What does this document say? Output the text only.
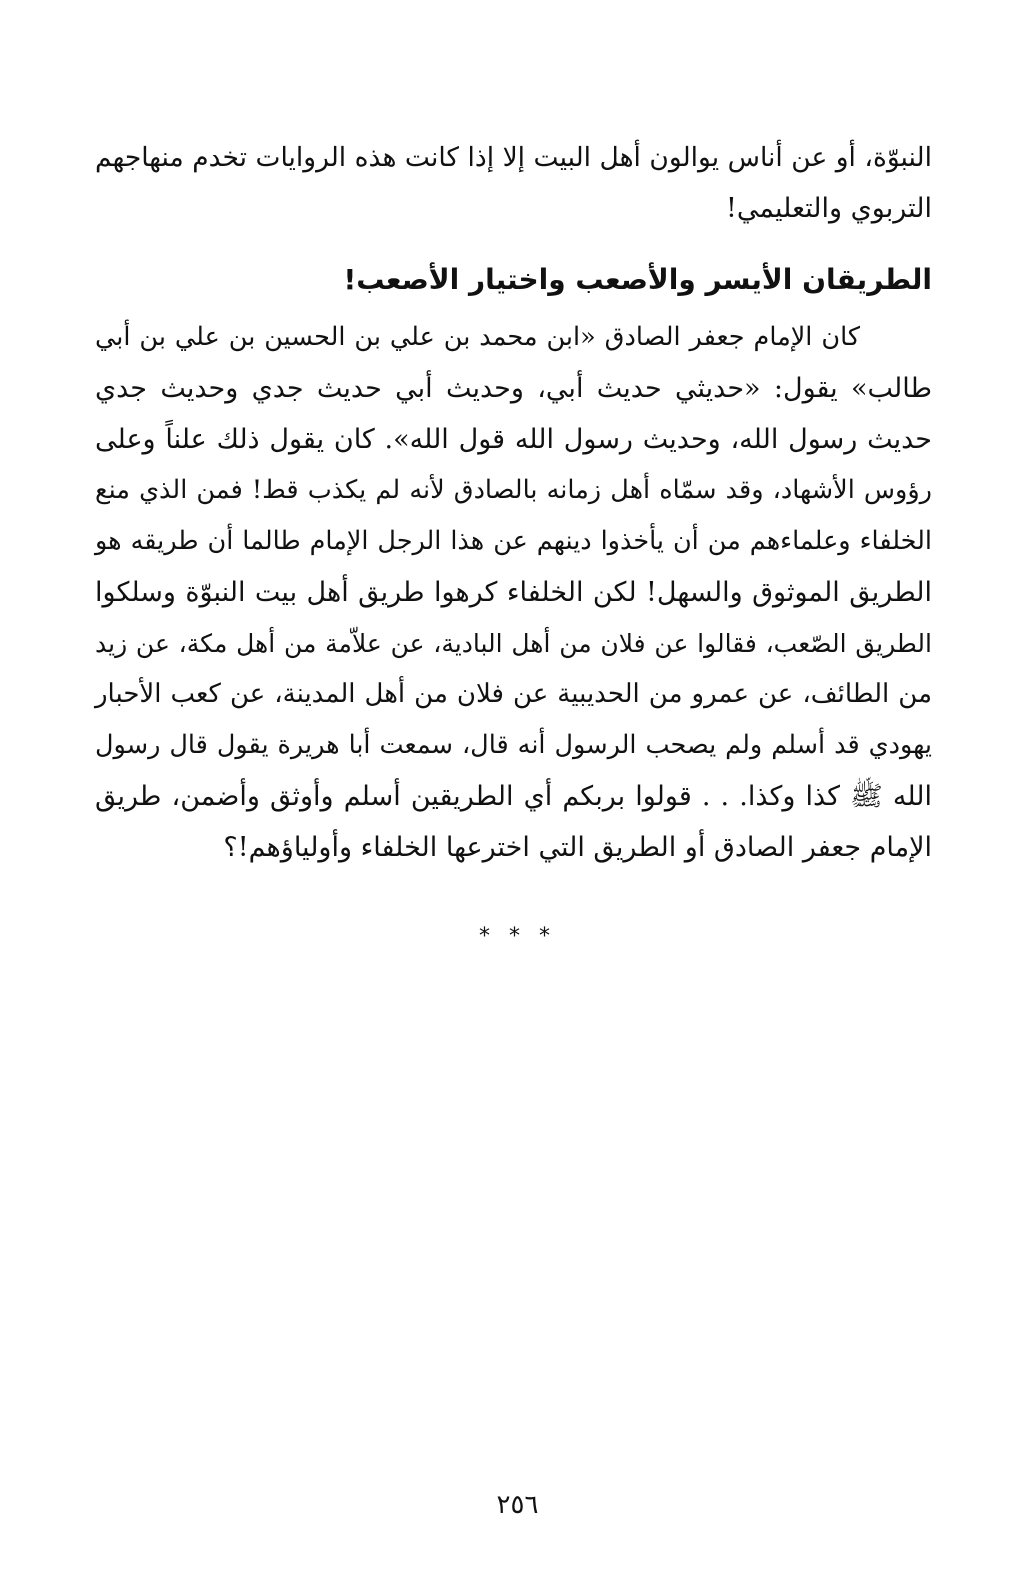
النبوّة، أو عن أناس يوالون أهل البيت إلا إذا كانت هذه الروايات تخدم منهاجهم
التربوي والتعليمي!
الطريقان الأيسر والأصعب واختيار الأصعب!
كان الإمام جعفر الصادق «ابن محمد بن علي بن الحسين بن علي بن أبي
طالب» يقول: «حديثي حديث أبي، وحديث أبي حديث جدي وحديث جدي
حديث رسول الله، وحديث رسول الله قول الله». كان يقول ذلك علناً وعلى
رؤوس الأشهاد، وقد سمّاه أهل زمانه بالصادق لأنه لم يكذب قط! فمن الذي منع
الخلفاء وعلماءهم من أن يأخذوا دينهم عن هذا الرجل الإمام طالما أن طريقه هو
الطريق الموثوق والسهل! لكن الخلفاء كرهوا طريق أهل بيت النبوّة وسلكوا
الطريق الصّعب، فقالوا عن فلان من أهل البادية، عن علاّمة من أهل مكة، عن زيد
من الطائف، عن عمرو من الحديبية عن فلان من أهل المدينة، عن كعب الأحبار
يهودي قد أسلم ولم يصحب الرسول أنه قال، سمعت أبا هريرة يقول قال رسول
الله ﷺ كذا وكذا. . . قولوا بربكم أي الطريقين أسلم وأوثق وأضمن، طريق
الإمام جعفر الصادق أو الطريق التي اخترعها الخلفاء وأولياؤهم!؟
* * *
٢٥٦
